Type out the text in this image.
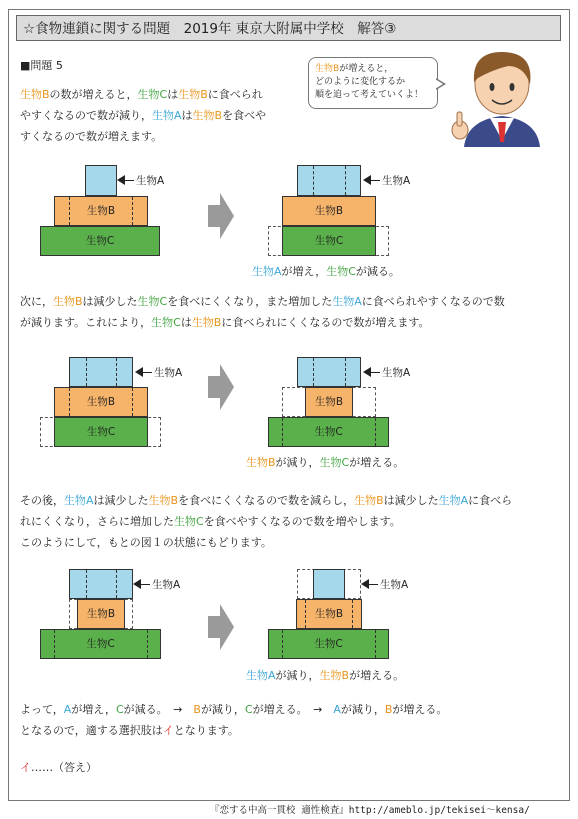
☆食物連鎖に関する問題　2019年 東京大附属中学校　解答③
■問題 5	生物Bが増えると，
どのように変化するか
順を追って考えていくよ！
生物Bの数が増えると，生物Cは生物Bに食べられ
やすくなるので数が減り，生物Aは生物Bを食べや
すくなるので数が増えます。
生物A
生物B
生物C
生物A
生物B
生物C
生物Aが増え，生物Cが減る。
次に，生物Bは減少した生物Cを食べにくくなり，また増加した生物Aに食べられやすくなるので数
が減ります。これにより，生物Cは生物Bに食べられにくくなるので数が増えます。
生物A
生物B
生物C
生物A
生物B
生物C
生物Bが減り，生物Cが増える。
その後，生物Aは減少した生物Bを食べにくくなるので数を減らし，生物Bは減少した生物Aに食べら
れにくくなり，さらに増加した生物Cを食べやすくなるので数を増やします。
このようにして，もとの図１の状態にもどります。
生物A
生物B
生物C
生物A
生物B
生物C
生物Aが減り，生物Bが増える。
よって，Aが増え，Cが減る。　→　Bが減り，Cが増える。　→　Aが減り，Bが増える。
となるので，適する選択肢はイとなります。
イ……（答え）
『恋する中高一貫校 適性検査』http://ameblo.jp/tekisei～kensa/
